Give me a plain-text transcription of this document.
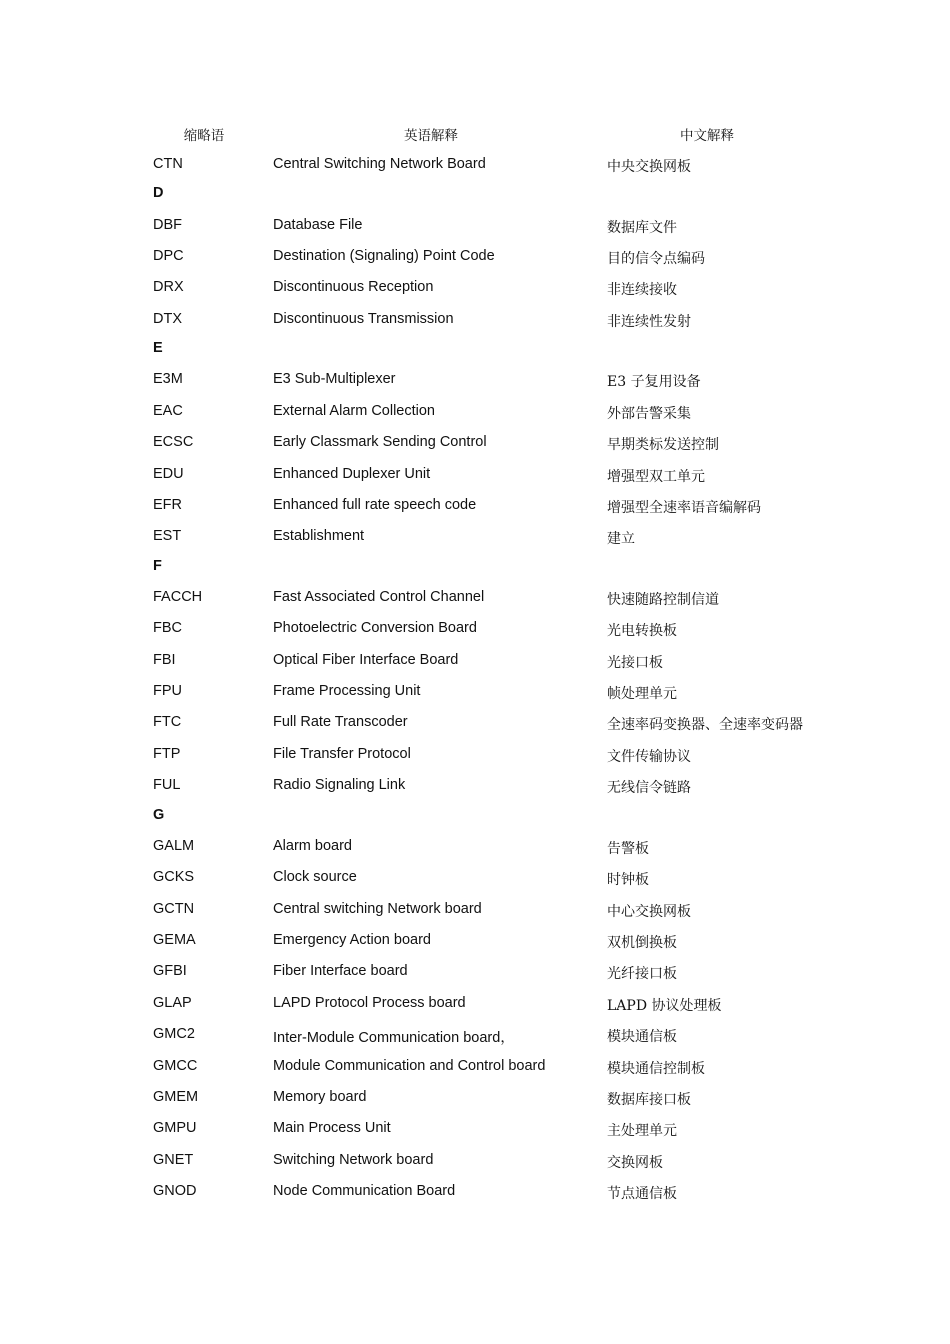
缩略语	英语解释	中文解释
CTN	Central Switching Network Board	中央交换网板
D
DBF	Database File	数据库文件
DPC	Destination (Signaling) Point Code	目的信令点编码
DRX	Discontinuous Reception	非连续接收
DTX	Discontinuous Transmission	非连续性发射
E
E3M	E3 Sub-Multiplexer	E3 子复用设备
EAC	External Alarm Collection	外部告警采集
ECSC	Early Classmark Sending Control	早期类标发送控制
EDU	Enhanced Duplexer Unit	增强型双工单元
EFR	Enhanced full rate speech code	增强型全速率语音编解码
EST	Establishment	建立
F
FACCH	Fast Associated Control Channel	快速随路控制信道
FBC	Photoelectric Conversion Board	光电转换板
FBI	Optical Fiber Interface Board	光接口板
FPU	Frame Processing Unit	帧处理单元
FTC	Full Rate Transcoder	全速率码变换器、全速率变码器
FTP	File Transfer Protocol	文件传输协议
FUL	Radio Signaling Link	无线信令链路
G
GALM	Alarm board	告警板
GCKS	Clock source	时钟板
GCTN	Central switching Network board	中心交换网板
GEMA	Emergency Action board	双机倒换板
GFBI	Fiber Interface board	光纤接口板
GLAP	LAPD Protocol Process board	LAPD 协议处理板
GMC2	Inter-Module Communication board，	模块通信板
GMCC	Module Communication and Control board	模块通信控制板
GMEM	Memory board	数据库接口板
GMPU	Main Process Unit	主处理单元
GNET	Switching Network board	交换网板
GNOD	Node Communication Board	节点通信板
